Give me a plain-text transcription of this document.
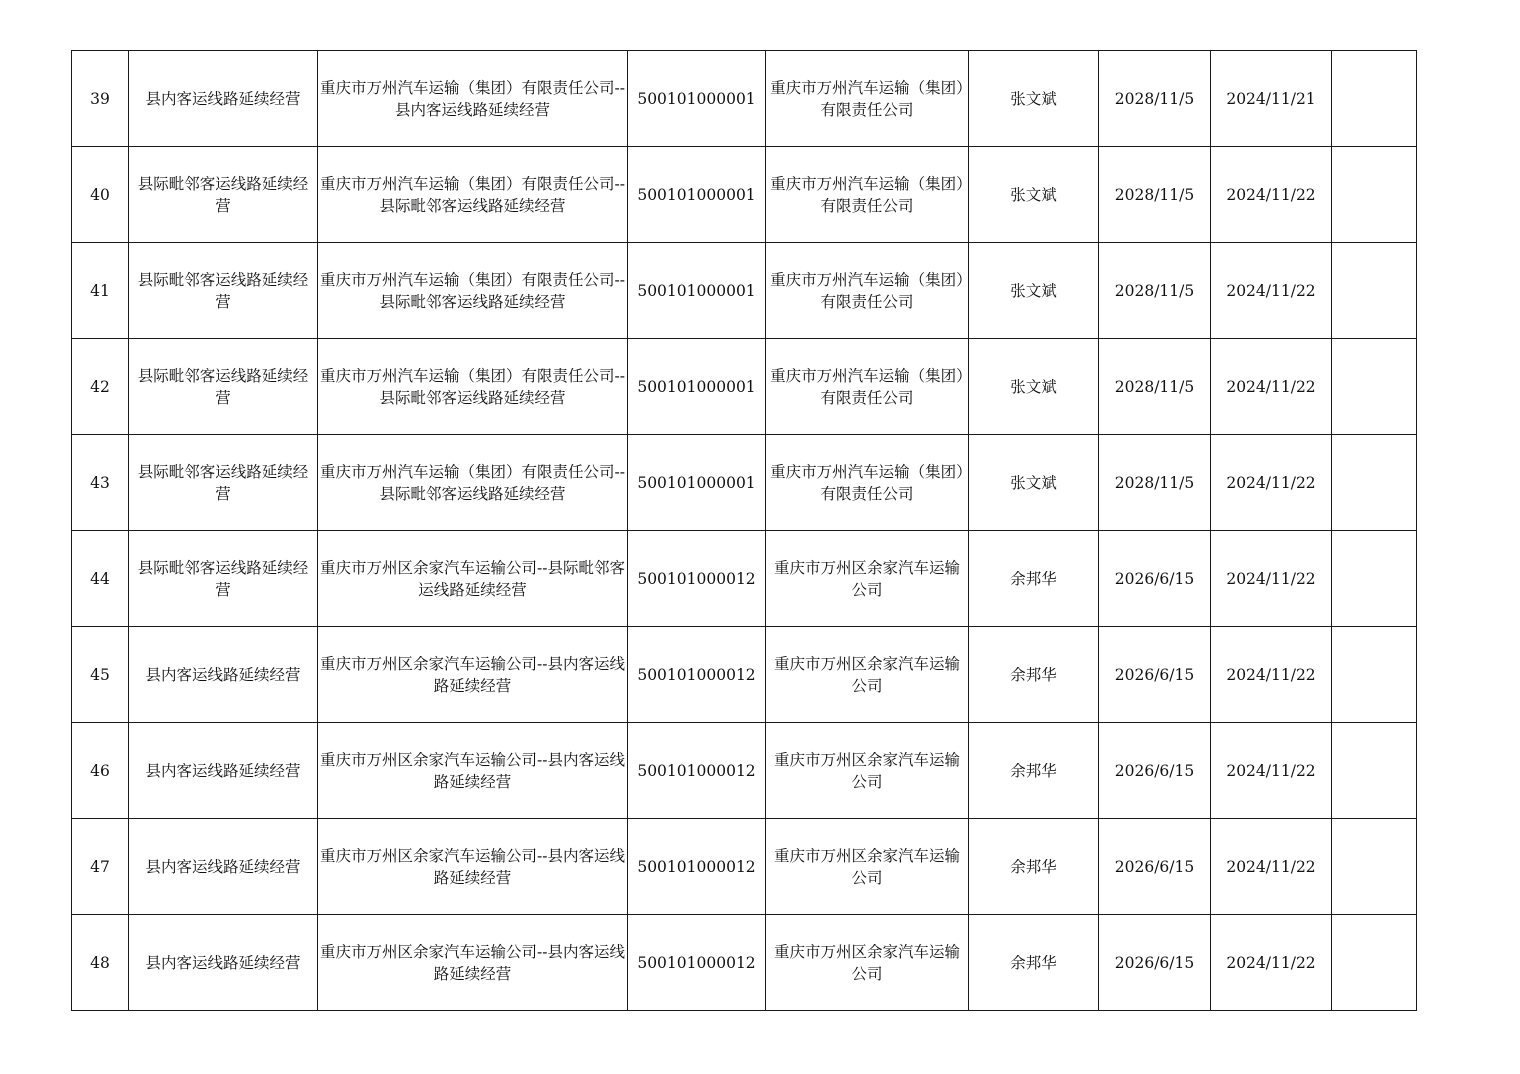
39	县内客运线路延续经营	重庆市万州汽车运输（集团）有限责任公司--县内客运线路延续经营	500101000001	重庆市万州汽车运输（集团）有限责任公司	张文斌	2028/11/5	2024/11/21	
40	县际毗邻客运线路延续经营	重庆市万州汽车运输（集团）有限责任公司--县际毗邻客运线路延续经营	500101000001	重庆市万州汽车运输（集团）有限责任公司	张文斌	2028/11/5	2024/11/22	
41	县际毗邻客运线路延续经营	重庆市万州汽车运输（集团）有限责任公司--县际毗邻客运线路延续经营	500101000001	重庆市万州汽车运输（集团）有限责任公司	张文斌	2028/11/5	2024/11/22	
42	县际毗邻客运线路延续经营	重庆市万州汽车运输（集团）有限责任公司--县际毗邻客运线路延续经营	500101000001	重庆市万州汽车运输（集团）有限责任公司	张文斌	2028/11/5	2024/11/22	
43	县际毗邻客运线路延续经营	重庆市万州汽车运输（集团）有限责任公司--县际毗邻客运线路延续经营	500101000001	重庆市万州汽车运输（集团）有限责任公司	张文斌	2028/11/5	2024/11/22	
44	县际毗邻客运线路延续经营	重庆市万州区余家汽车运输公司--县际毗邻客运线路延续经营	500101000012	重庆市万州区余家汽车运输公司	余邦华	2026/6/15	2024/11/22	
45	县内客运线路延续经营	重庆市万州区余家汽车运输公司--县内客运线路延续经营	500101000012	重庆市万州区余家汽车运输公司	余邦华	2026/6/15	2024/11/22	
46	县内客运线路延续经营	重庆市万州区余家汽车运输公司--县内客运线路延续经营	500101000012	重庆市万州区余家汽车运输公司	余邦华	2026/6/15	2024/11/22	
47	县内客运线路延续经营	重庆市万州区余家汽车运输公司--县内客运线路延续经营	500101000012	重庆市万州区余家汽车运输公司	余邦华	2026/6/15	2024/11/22	
48	县内客运线路延续经营	重庆市万州区余家汽车运输公司--县内客运线路延续经营	500101000012	重庆市万州区余家汽车运输公司	余邦华	2026/6/15	2024/11/22	
